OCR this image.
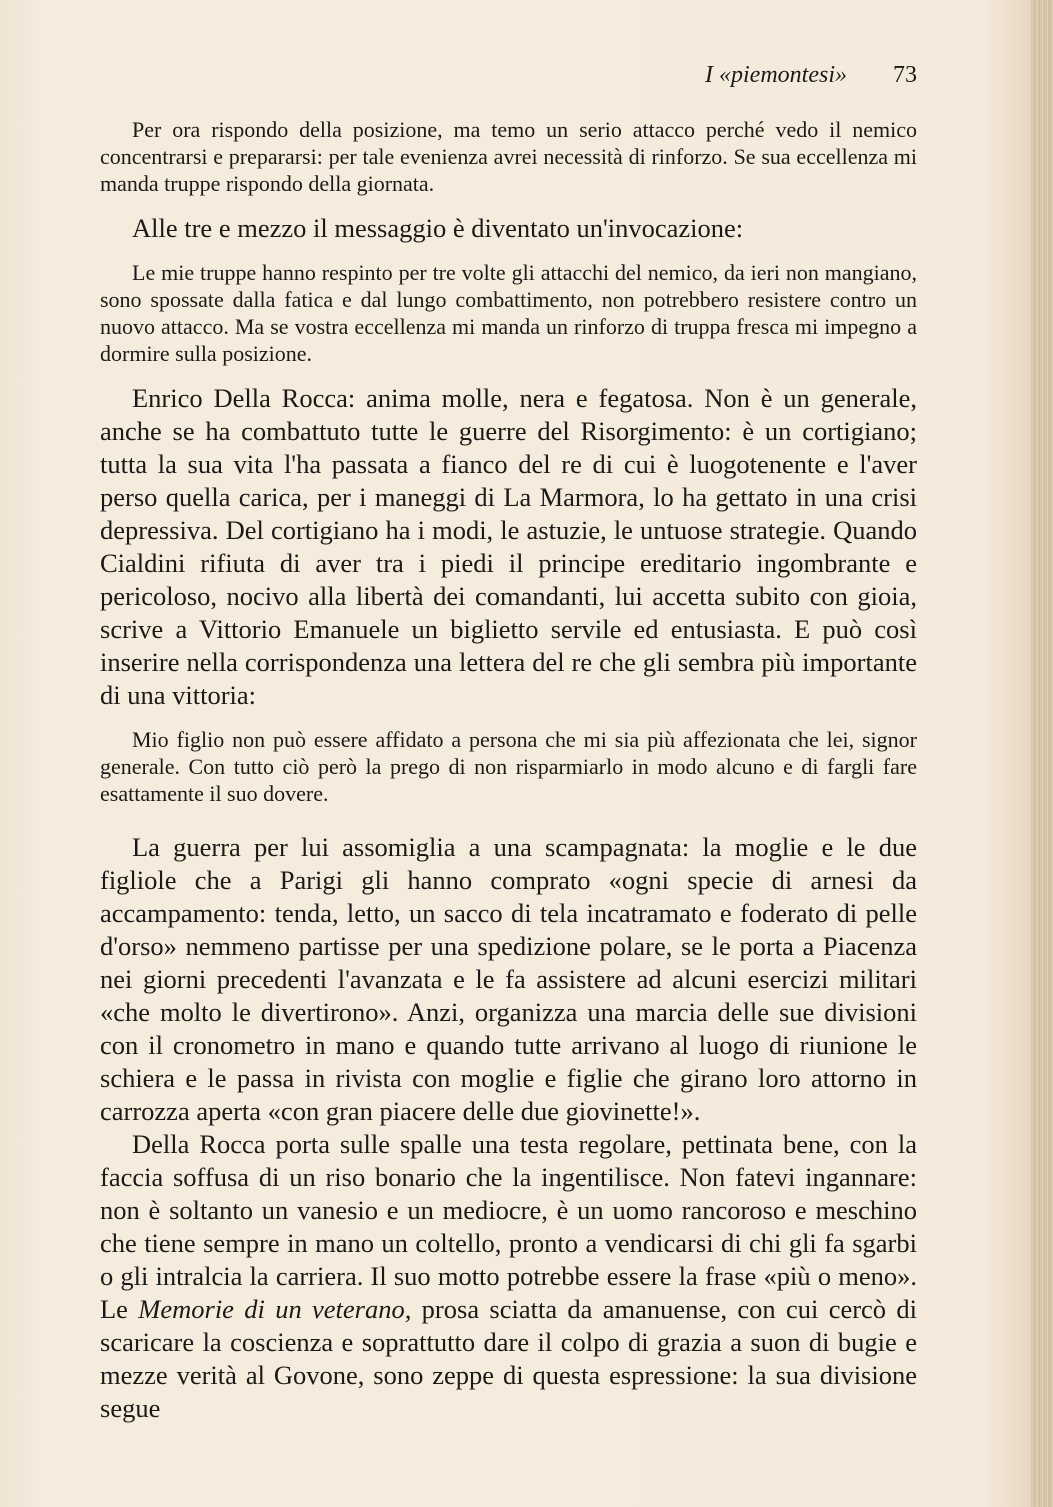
I «piemontesi» 73

Per ora rispondo della posizione, ma temo un serio attacco perché vedo il nemico concentrarsi e prepararsi: per tale evenienza avrei necessità di rinforzo. Se sua eccellenza mi manda truppe rispondo della giornata.

Alle tre e mezzo il messaggio è diventato un'invocazione:

Le mie truppe hanno respinto per tre volte gli attacchi del nemico, da ieri non mangiano, sono spossate dalla fatica e dal lungo combattimento, non potrebbero resistere contro un nuovo attacco. Ma se vostra eccellenza mi manda un rinforzo di truppa fresca mi impegno a dormire sulla posizione.

Enrico Della Rocca: anima molle, nera e fegatosa. Non è un generale, anche se ha combattuto tutte le guerre del Risorgimento: è un cortigiano; tutta la sua vita l'ha passata a fianco del re di cui è luogotenente e l'aver perso quella carica, per i maneggi di La Marmora, lo ha gettato in una crisi depressiva. Del cortigiano ha i modi, le astuzie, le untuose strategie. Quando Cialdini rifiuta di aver tra i piedi il principe ereditario ingombrante e pericoloso, nocivo alla libertà dei comandanti, lui accetta subito con gioia, scrive a Vittorio Emanuele un biglietto servile ed entusiasta. E può così inserire nella corrispondenza una lettera del re che gli sembra più importante di una vittoria:

Mio figlio non può essere affidato a persona che mi sia più affezionata che lei, signor generale. Con tutto ciò però la prego di non risparmiarlo in modo alcuno e di fargli fare esattamente il suo dovere.

La guerra per lui assomiglia a una scampagnata: la moglie e le due figliole che a Parigi gli hanno comprato «ogni specie di arnesi da accampamento: tenda, letto, un sacco di tela incatramato e foderato di pelle d'orso» nemmeno partisse per una spedizione polare, se le porta a Piacenza nei giorni precedenti l'avanzata e le fa assistere ad alcuni esercizi militari «che molto le divertirono». Anzi, organizza una marcia delle sue divisioni con il cronometro in mano e quando tutte arrivano al luogo di riunione le schiera e le passa in rivista con moglie e figlie che girano loro attorno in carrozza aperta «con gran piacere delle due giovinette!».

Della Rocca porta sulle spalle una testa regolare, pettinata bene, con la faccia soffusa di un riso bonario che la ingentilisce. Non fatevi ingannare: non è soltanto un vanesio e un mediocre, è un uomo rancoroso e meschino che tiene sempre in mano un coltello, pronto a vendicarsi di chi gli fa sgarbi o gli intralcia la carriera. Il suo motto potrebbe essere la frase «più o meno». Le Memorie di un veterano, prosa sciatta da amanuense, con cui cercò di scaricare la coscienza e soprattutto dare il colpo di grazia a suon di bugie e mezze verità al Govone, sono zeppe di questa espressione: la sua divisione segue
